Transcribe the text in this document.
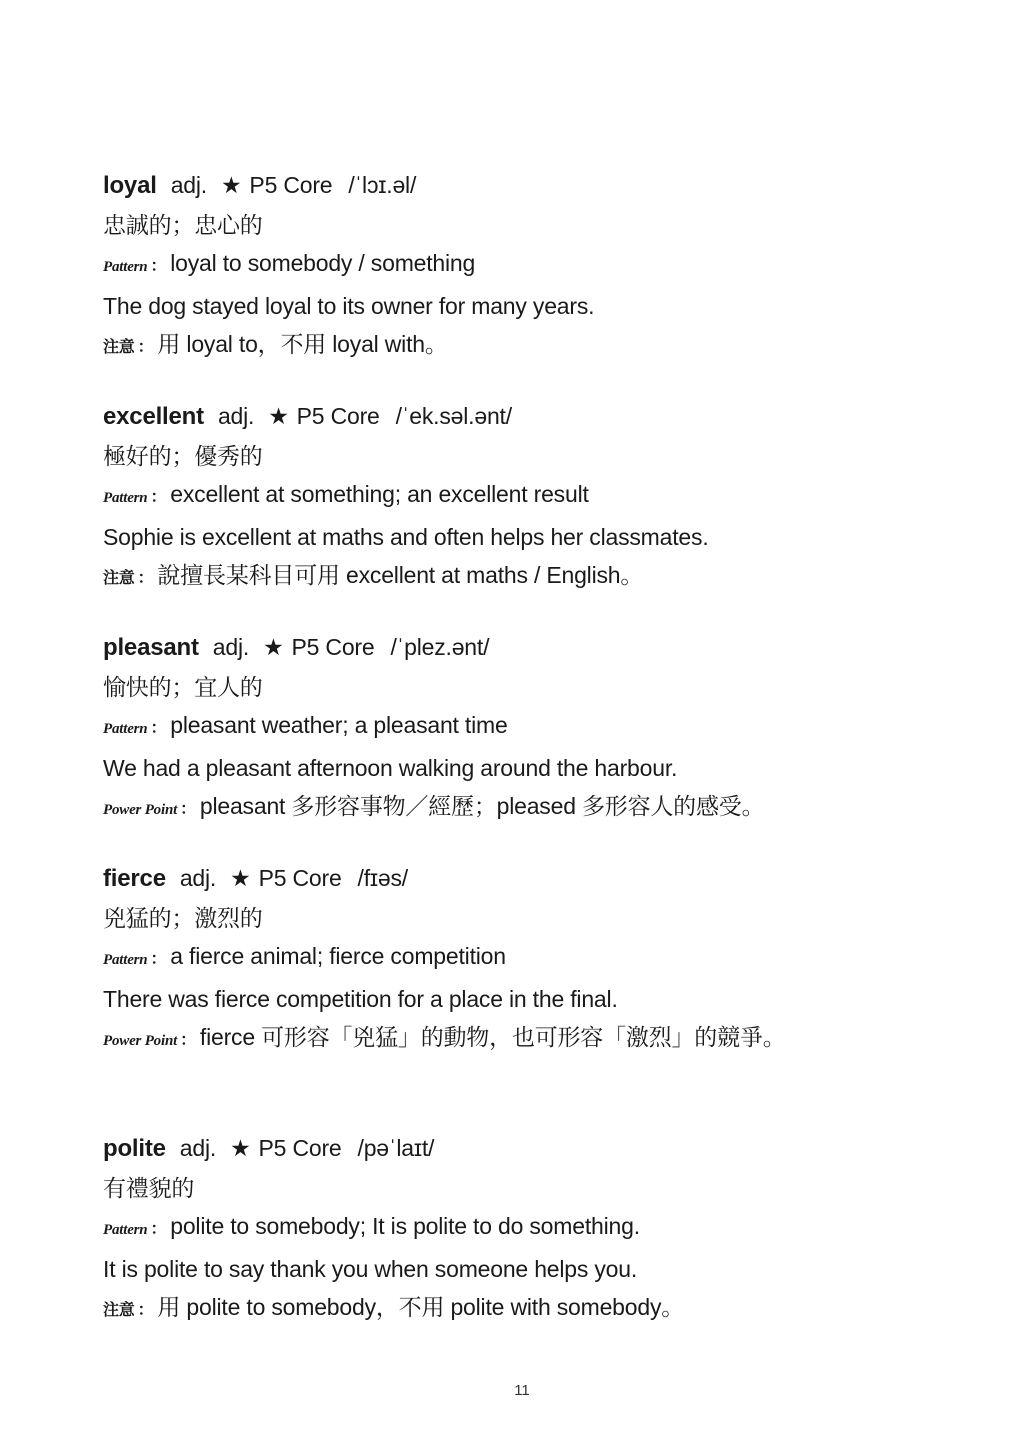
loyal adj. ★ P5 Core /ˈlɔɪ.əl/
忠誠的；忠心的
Pattern ： loyal to somebody / something
The dog stayed loyal to its owner for many years.
注意 ： 用 loyal to，不用 loyal with。
excellent adj. ★ P5 Core /ˈek.səl.ənt/
極好的；優秀的
Pattern ： excellent at something; an excellent result
Sophie is excellent at maths and often helps her classmates.
注意 ： 說擅長某科目可用 excellent at maths / English。
pleasant adj. ★ P5 Core /ˈplez.ənt/
愉快的；宜人的
Pattern ： pleasant weather; a pleasant time
We had a pleasant afternoon walking around the harbour.
Power Point ： pleasant 多形容事物／經歷；pleased 多形容人的感受。
fierce adj. ★ P5 Core /fɪəs/
兇猛的；激烈的
Pattern ： a fierce animal; fierce competition
There was fierce competition for a place in the final.
Power Point ： fierce 可形容「兇猛」的動物，也可形容「激烈」的競爭。
polite adj. ★ P5 Core /pəˈlaɪt/
有禮貌的
Pattern ： polite to somebody; It is polite to do something.
It is polite to say thank you when someone helps you.
注意 ： 用 polite to somebody，不用 polite with somebody。
11
